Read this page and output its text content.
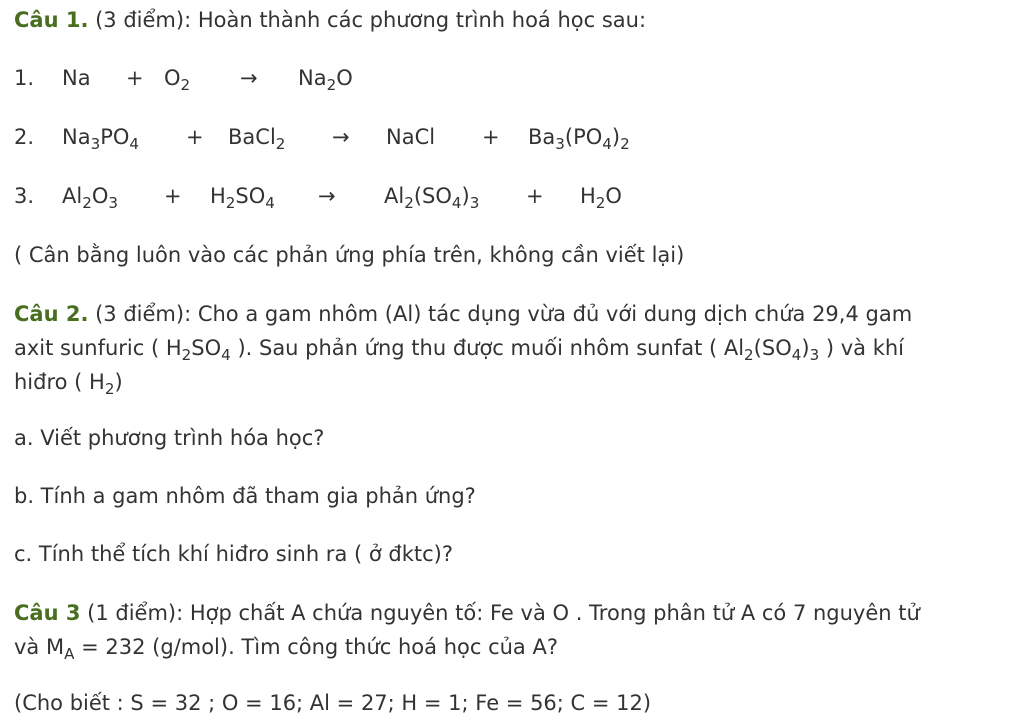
Câu 1. (3 điểm): Hoàn thành các phương trình hoá học sau:
1. $Na + O_2 \to Na_2O$
2. $Na_3PO_4$ + BaCl$_2$ → NaCl + $Ba_3(PO_4)_2$
3. $Al_2O_3 + H_2SO_4 \to Al_2(SO_4)_3 + H_2O$
( Cân bằng luôn vào các phản ứng phía trên, không cần viết lại)
Câu 2. (3 điểm): Cho a gam nhôm (Al) tác dụng vừa đủ với dung dịch chứa 29,4 gam
axit sunfuric ( $H_2SO_4$ ). Sau phản ứng thu được muối nhôm sunfat ( $Al_2(SO_4)_3$ ) và khí
hiđro ( $H_2$)
a. Viết phương trình hóa học?
b. Tính a gam nhôm đã tham gia phản ứng?
c. Tính thể tích khí hiđro sinh ra ( ở đktc)?
Câu 3 (1 điểm): Hợp chất A chứa nguyên tố: Fe và O . Trong phân tử A có 7 nguyên tử
và $M_A = 232$ (g/mol). Tìm công thức hoá học của A?
(Cho biết : S = 32 ; O = 16; Al = 27; H = 1; Fe = 56; C = 12)
